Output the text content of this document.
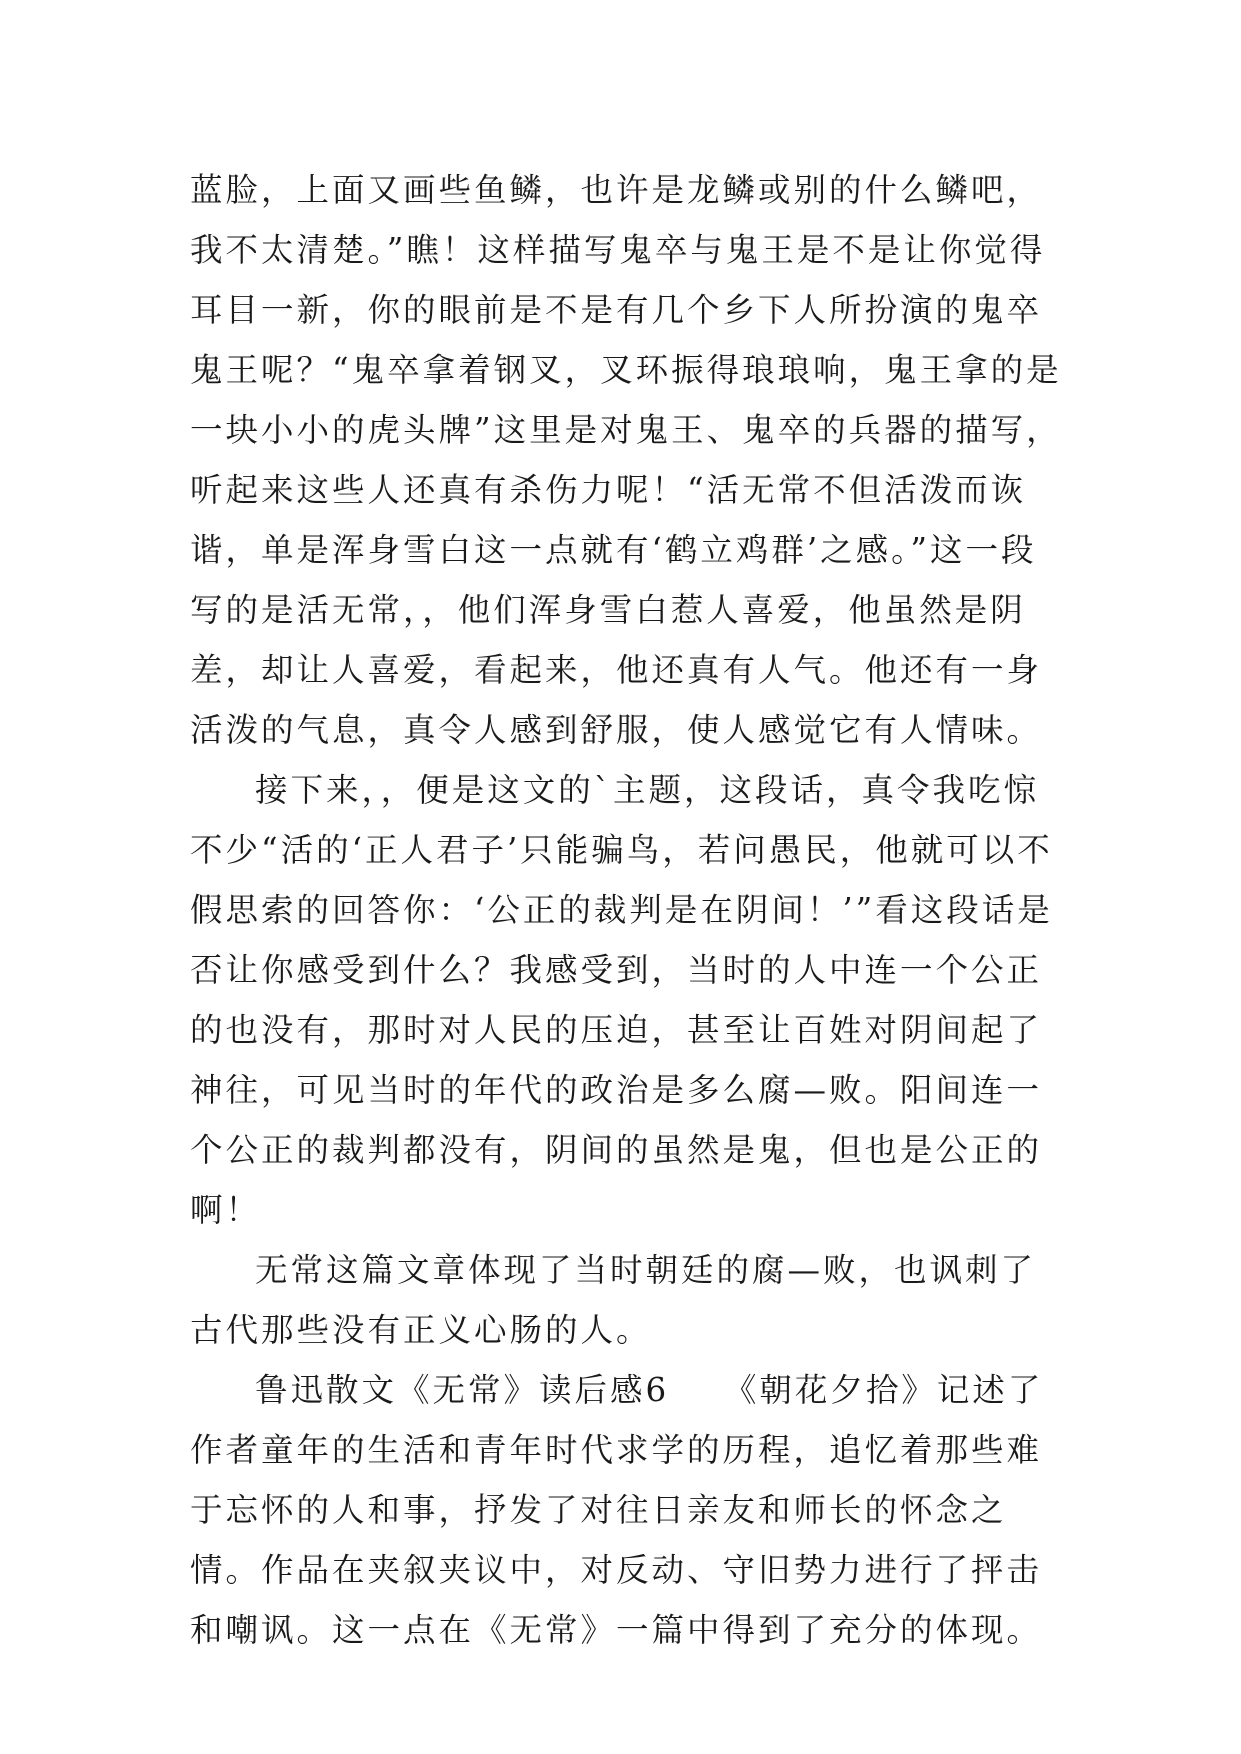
蓝脸，上面又画些鱼鳞，也许是龙鳞或别的什么鳞吧，我不太清楚。”瞧！这样描写鬼卒与鬼王是不是让你觉得耳目一新，你的眼前是不是有几个乡下人所扮演的鬼卒鬼王呢？“鬼卒拿着钢叉，叉环振得琅琅响，鬼王拿的是一块小小的虎头牌”这里是对鬼王、鬼卒的兵器的描写，听起来这些人还真有杀伤力呢！“活无常不但活泼而诙谐，单是浑身雪白这一点就有‘鹤立鸡群’之感。”这一段写的是活无常，，他们浑身雪白惹人喜爱，他虽然是阴差，却让人喜爱，看起来，他还真有人气。他还有一身活泼的气息，真令人感到舒服，使人感觉它有人情味。

接下来，，便是这文的`主题，这段话，真令我吃惊不少“活的‘正人君子’只能骗鸟，若问愚民，他就可以不假思索的回答你：‘公正的裁判是在阴间！’”看这段话是否让你感受到什么？我感受到，当时的人中连一个公正的也没有，那时对人民的压迫，甚至让百姓对阴间起了神往，可见当时的年代的政治是多么腐—败。阳间连一个公正的裁判都没有，阴间的虽然是鬼，但也是公正的啊！

无常这篇文章体现了当时朝廷的腐—败，也讽刺了古代那些没有正义心肠的人。

鲁迅散文《无常》读后感6　　《朝花夕拾》记述了作者童年的生活和青年时代求学的历程，追忆着那些难于忘怀的人和事，抒发了对往日亲友和师长的怀念之情。作品在夹叙夹议中，对反动、守旧势力进行了抨击和嘲讽。这一点在《无常》一篇中得到了充分的体现。
